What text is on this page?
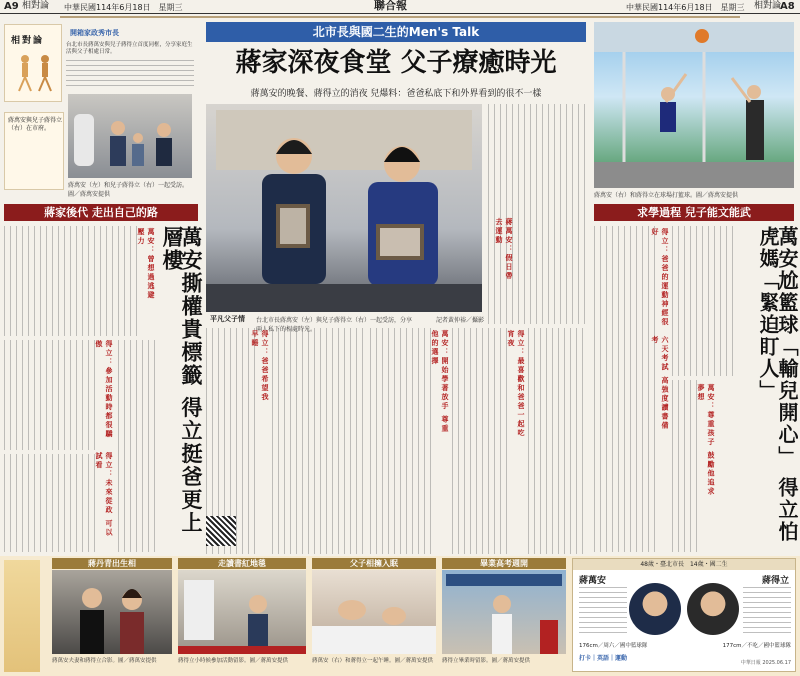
A9 相對論 中華民國114年6月18日　星期三	聯合報	中華民國114年6月18日　星期三 相對論
A8
相對論
開箱家政秀市長
台北市長蔣萬安與兒子蔣得立首度同框，分享家庭生活與父子相處日常。
蔣萬安與兒子蔣得立（右）在市府。
蔣萬安（左）和兒子蔣得立（右）一起受訪。圖／蔣萬安提供
蔣家後代 走出自己的路
萬安撕權貴標籤 得立挺爸更上層樓
萬安：曾想過逃避壓力
得立：參加活動時都很驕傲
得立：未來從政 可以試看
北市長與國二生的Men's Talk
蔣家深夜食堂 父子療癒時光
蔣萬安的晚餐、蔣得立的消夜 兒爆料：爸爸私底下和外界看到的很不一樣
平凡父子情	台北市長蔣萬安（左）與兒子蔣得立（右）一起受訪，分享兩人私下的相處時光。
記者黃仲裕／攝影
蔣萬安：假日帶去運動
得立：爸爸希望我早睡	萬安：開始學著放手 尊重他的選擇	得立：最喜歡和爸爸一起吃宵夜
蔣萬安（右）和蔣得立在球場打籃球。圖／蔣萬安提供
求學過程 兒子能文能武
萬安尬籃球「輸兒開心」 得立怕虎媽「緊迫盯人」
得立：爸爸的運動神經很好
六天考試 高強度讀書備考
萬安：尊重孩子 鼓勵他追求夢想
蔣丹青出生相
蔣萬安夫妻和蔣得立合影。圖／蔣萬安提供
走讀書紅地毯
蔣得立小時候參加活動留影。圖／蔣萬安提供
父子相擁入眠
蔣萬安（右）和蔣得立一起午睡。圖／蔣萬安提供
畢業高考週開
蔣得立畢業時留影。圖／蔣萬安提供
48歲・臺北市長　14歲・國二生
蔣萬安	蔣得立
176cm／周六／國中籃球隊	177cm／不吃／國中籃球隊
打卡｜英語｜運動
中華日報 2025.06.17
